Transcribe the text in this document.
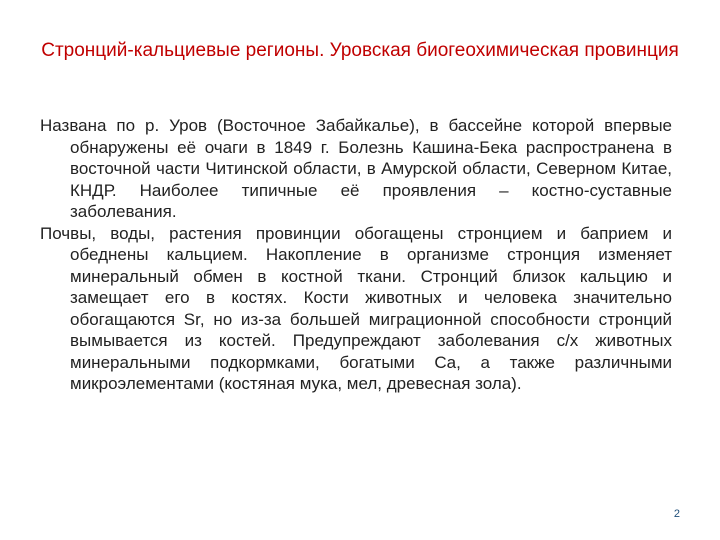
Стронций-кальциевые регионы. Уровская биогеохимическая провинция

Названа по р. Уров (Восточное Забайкалье), в бассейне которой впервые обнаружены её очаги в 1849 г. Болезнь Кашина-Бека распространена в восточной части Читинской области, в Амурской области, Северном Китае, КНДР. Наиболее типичные её проявления – костно-суставные заболевания.

Почвы, воды, растения провинции обогащены стронцием и баприем и обеднены кальцием. Накопление в организме стронция изменяет минеральный обмен в костной ткани. Стронций близок кальцию и замещает его в костях. Кости животных и человека значительно обогащаются Sr, но из-за большей миграционной способности стронций вымывается из костей. Предупреждают заболевания с/х животных минеральными подкормками, богатыми Ca, а также различными микроэлементами (костяная мука, мел, древесная зола).

2
